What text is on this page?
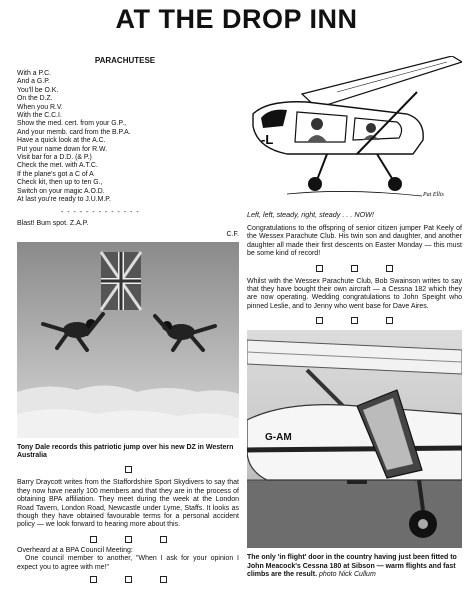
AT THE DROP INN
PARACHUTESE
With a P.C.
And a G.P.
You'll be O.K.
On the D.Z.
When you R.V.
With the C.C.I.
Show the med. cert. from your G.P.,
And your memb. card from the B.P.A.
Have a quick look at the A.C.
Put your name down for R.W.
Visit bar for a D.D. (& P.)
Check the met. with A.T.C.
If the plane's got a C of A
Check kit, then up to ten G.,
Switch on your magic A.O.D.
At last you're ready to J.U.M.P.
- - - - - - - - - - - - -
Blast! Bum spot. Z.A.P.
C.F.
Tony Dale records this patriotic jump over his new DZ in Western Australia
Barry Draycott writes from the Staffordshire Sport Skydivers to say that they now have nearly 100 members and that they are in the process of obtaining BPA affiliation. They meet during the week at the London Road Tavern, London Road, Newcastle under Lyme, Staffs. It looks as though they have obtained favourable terms for a personal accident policy — we look forward to hearing more about this.
Overheard at a BPA Council Meeting:
One council member to another, "When I ask for your opinion I expect you to agree with me!"
-L
Pat Ellis
Left, left, steady, right, steady . . . NOW!
Congratulations to the offspring of senior citizen jumper Pat Keely of the Wessex Parachute Club. His twin son and daughter, and another daughter all made their first descents on Easter Monday — this must be some kind of record!
Whilst with the Wessex Parachute Club, Bob Swainson writes to say that they have bought their own aircraft — a Cessna 182 which they are now operating. Wedding congratulations to John Speight who pinned Leslie, and to Jenny who went base for Dave Aires.
G-AM
The only 'in flight' door in the country having just been fitted to John Meacock's Cessna 180 at Sibson — warm flights and fast climbs are the result. photo Nick Cullum
